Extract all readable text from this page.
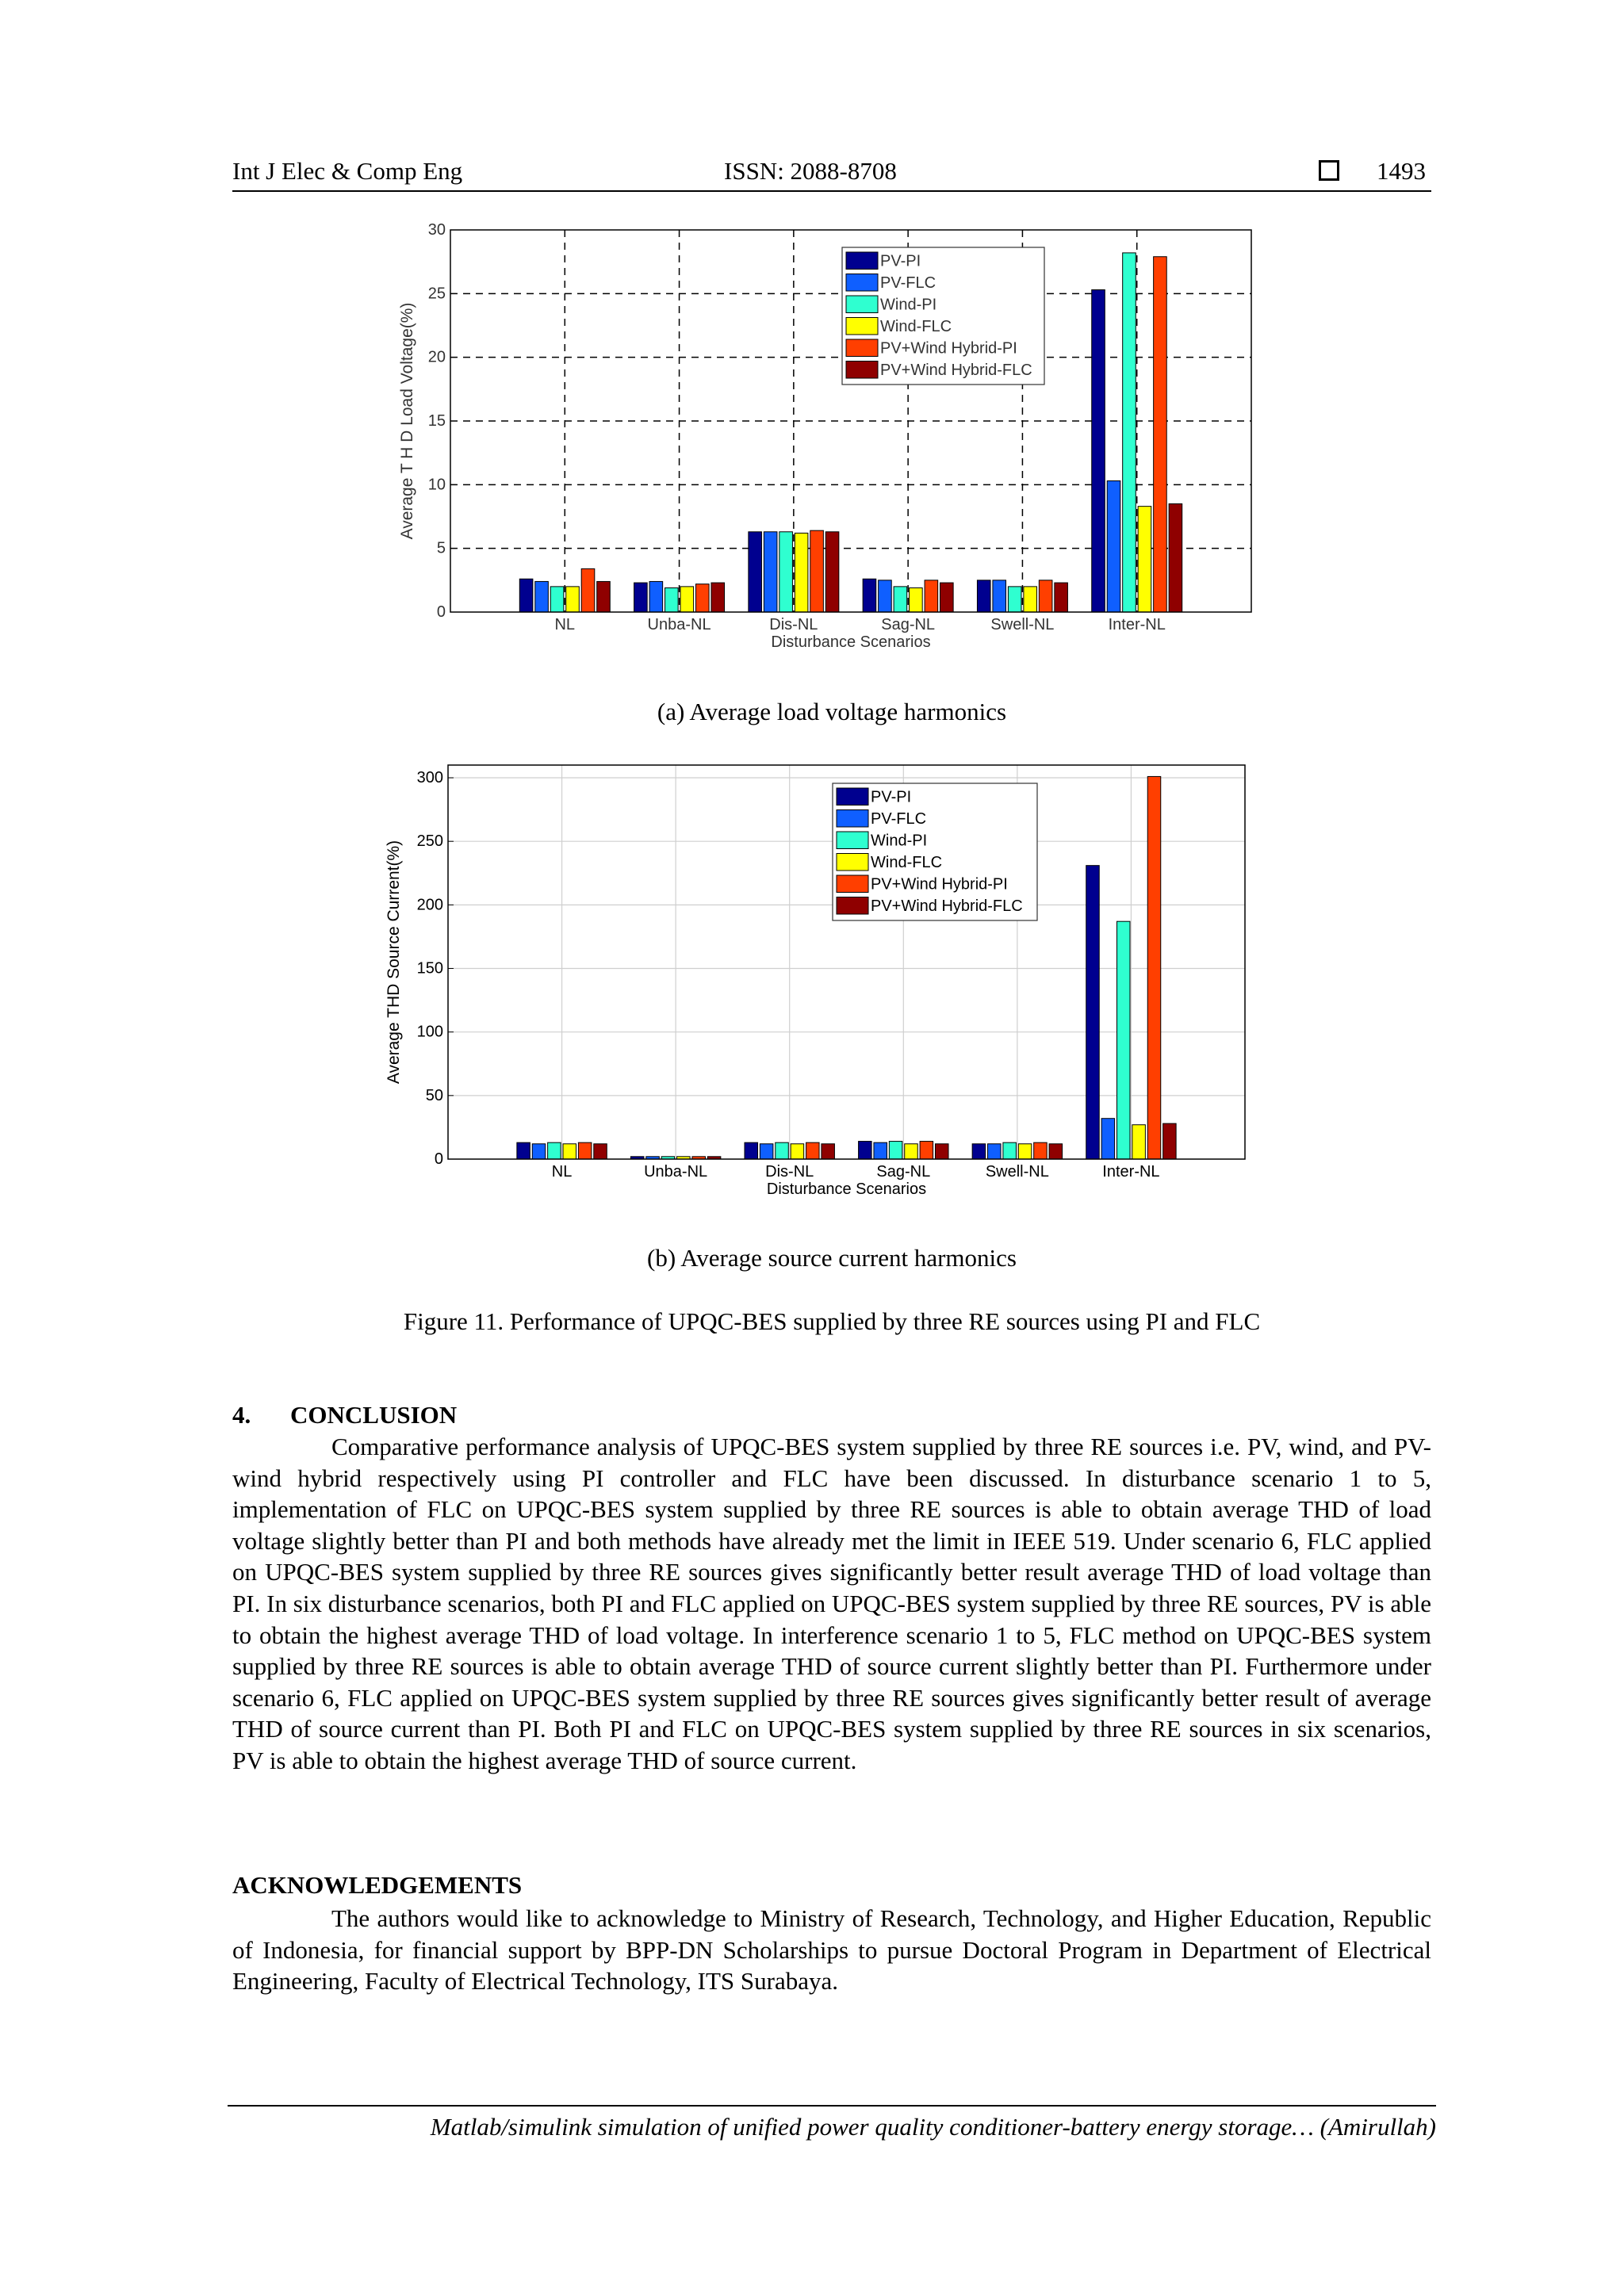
Int J Elec & Comp Eng	ISSN: 2088-8708	1493
0
5
10
15
20
25
30
NL	Unba-NL	Dis-NL	Sag-NL	Swell-NL	Inter-NL
Disturbance Scenarios
Average T H D Load Voltage(%)
PV-PI
PV-FLC
Wind-PI
Wind-FLC
PV+Wind Hybrid-PI
PV+Wind Hybrid-FLC
(a) Average load voltage harmonics
0
50
100
150
200
250
300
NL	Unba-NL	Dis-NL	Sag-NL	Swell-NL	Inter-NL
Disturbance Scenarios
Average THD Source Current(%)
PV-PI
PV-FLC
Wind-PI
Wind-FLC
PV+Wind Hybrid-PI
PV+Wind Hybrid-FLC
(b) Average source current harmonics
Figure 11. Performance of UPQC-BES supplied by three RE sources using PI and FLC
4. CONCLUSION
Comparative performance analysis of UPQC-BES system supplied by three RE sources i.e. PV, wind, and PV-wind hybrid respectively using PI controller and FLC have been discussed. In disturbance scenario 1 to 5, implementation of FLC on UPQC-BES system supplied by three RE sources is able to obtain average THD of load voltage slightly better than PI and both methods have already met the limit in IEEE 519. Under scenario 6, FLC applied on UPQC-BES system supplied by three RE sources gives significantly better result average THD of load voltage than PI. In six disturbance scenarios, both PI and FLC applied on UPQC-BES system supplied by three RE sources, PV is able to obtain the highest average THD of load voltage. In interference scenario 1 to 5, FLC method on UPQC-BES system supplied by three RE sources is able to obtain average THD of source current slightly better than PI. Furthermore under scenario 6, FLC applied on UPQC-BES system supplied by three RE sources gives significantly better result of average THD of source current than PI. Both PI and FLC on UPQC-BES system supplied by three RE sources in six scenarios, PV is able to obtain the highest average THD of source current.
ACKNOWLEDGEMENTS
The authors would like to acknowledge to Ministry of Research, Technology, and Higher Education, Republic of Indonesia, for financial support by BPP-DN Scholarships to pursue Doctoral Program in Department of Electrical Engineering, Faculty of Electrical Technology, ITS Surabaya.
Matlab/simulink simulation of unified power quality conditioner-battery energy storage… (Amirullah)
